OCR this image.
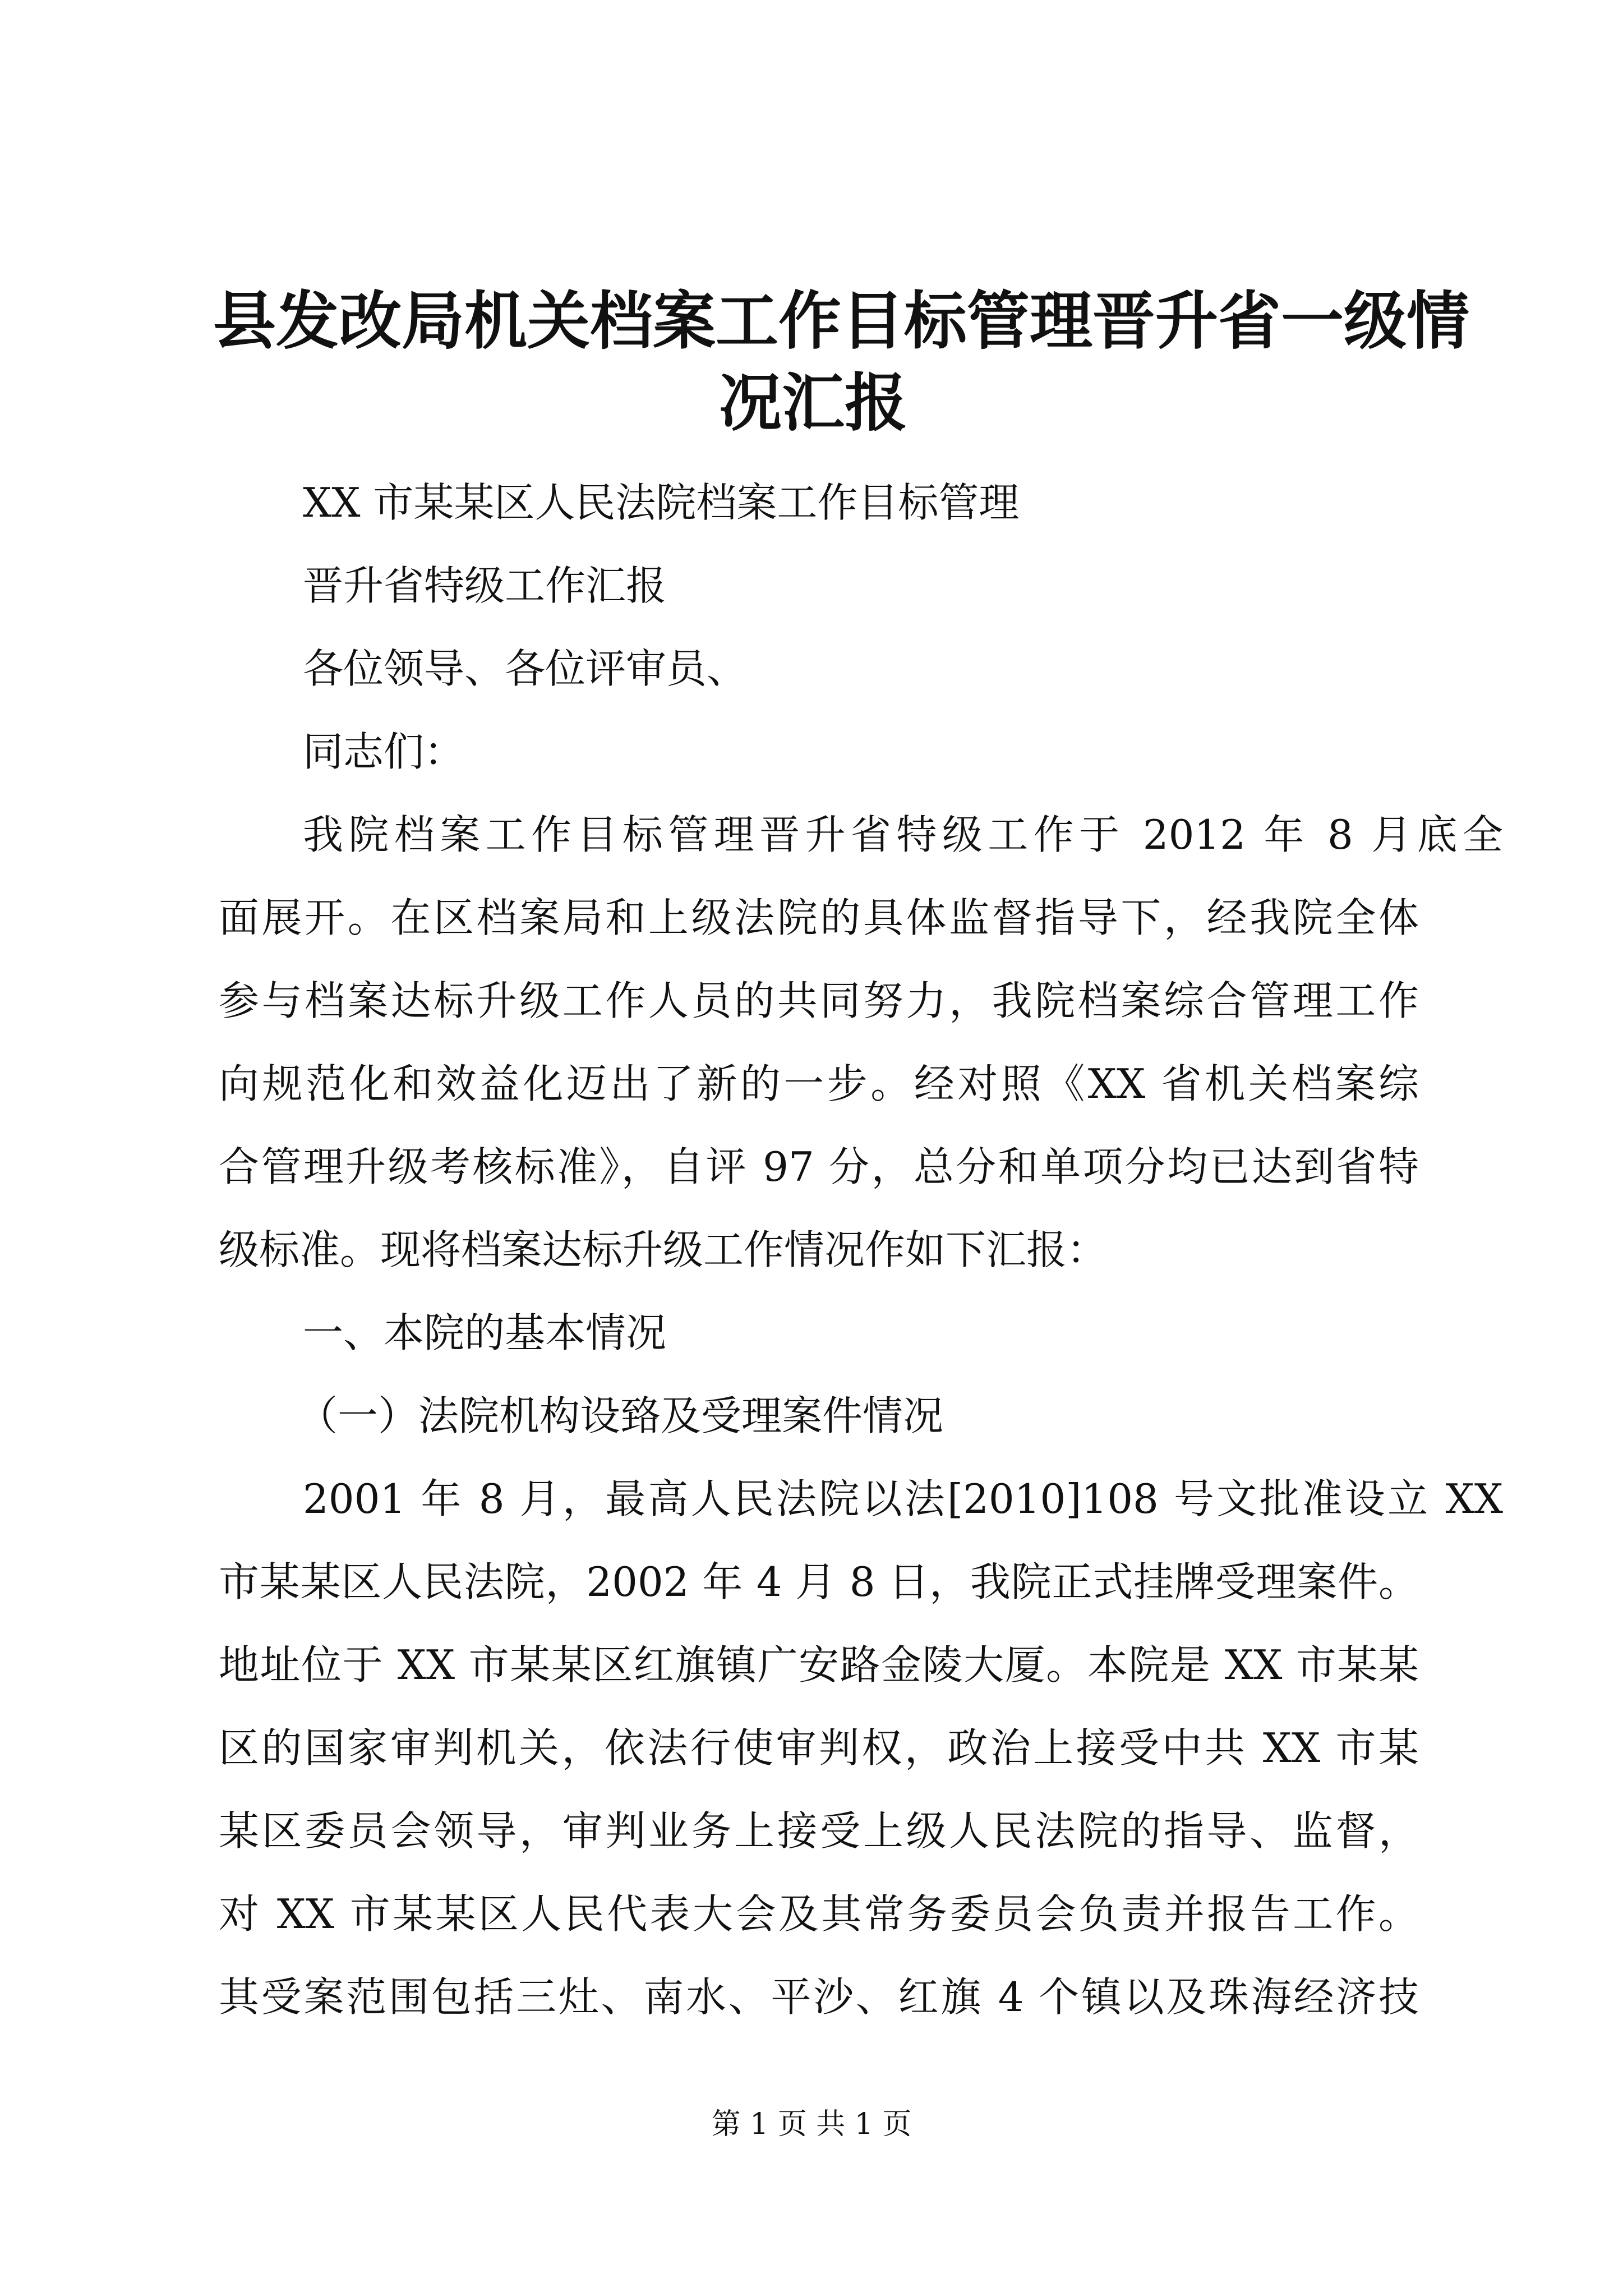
县发改局机关档案工作目标管理晋升省一级情
况汇报
XX 市某某区人民法院档案工作目标管理
晋升省特级工作汇报
各位领导、各位评审员、
同志们：
我院档案工作目标管理晋升省特级工作于 2012 年 8 月底全
面展开。在区档案局和上级法院的具体监督指导下，经我院全体
参与档案达标升级工作人员的共同努力，我院档案综合管理工作
向规范化和效益化迈出了新的一步。经对照《XX 省机关档案综
合管理升级考核标准》，自评 97 分，总分和单项分均已达到省特
级标准。现将档案达标升级工作情况作如下汇报：
一、本院的基本情况
（一）法院机构设臵及受理案件情况
2001 年 8 月，最高人民法院以法[2010]108 号文批准设立 XX
市某某区人民法院，2002 年 4 月 8 日，我院正式挂牌受理案件。
地址位于 XX 市某某区红旗镇广安路金陵大厦。本院是 XX 市某某
区的国家审判机关，依法行使审判权，政治上接受中共 XX 市某
某区委员会领导，审判业务上接受上级人民法院的指导、监督，
对 XX 市某某区人民代表大会及其常务委员会负责并报告工作。
其受案范围包括三灶、南水、平沙、红旗 4 个镇以及珠海经济技
第 1 页 共 1 页
